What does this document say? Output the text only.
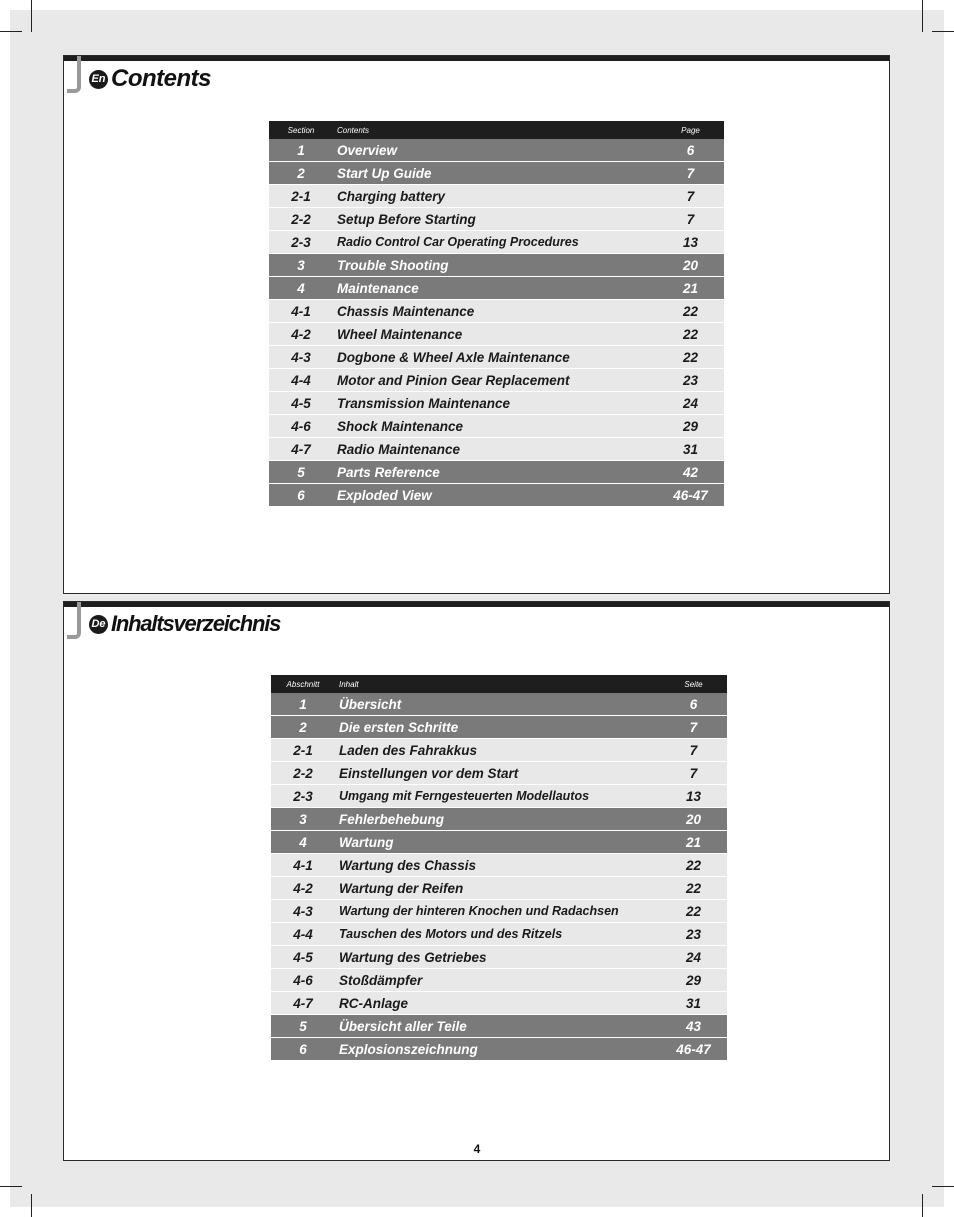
En Contents
Section	Contents	Page
1	Overview	6
2	Start Up Guide	7
2-1	Charging battery	7
2-2	Setup Before Starting	7
2-3	Radio Control Car Operating Procedures	13
3	Trouble Shooting	20
4	Maintenance	21
4-1	Chassis Maintenance	22
4-2	Wheel Maintenance	22
4-3	Dogbone & Wheel Axle Maintenance	22
4-4	Motor and Pinion Gear Replacement	23
4-5	Transmission Maintenance	24
4-6	Shock Maintenance	29
4-7	Radio Maintenance	31
5	Parts Reference	42
6	Exploded View	46-47
De Inhaltsverzeichnis
Abschnitt	Inhalt	Seite
1	Übersicht	6
2	Die ersten Schritte	7
2-1	Laden des Fahrakkus	7
2-2	Einstellungen vor dem Start	7
2-3	Umgang mit Ferngesteuerten Modellautos	13
3	Fehlerbehebung	20
4	Wartung	21
4-1	Wartung des Chassis	22
4-2	Wartung der Reifen	22
4-3	Wartung der hinteren Knochen und Radachsen	22
4-4	Tauschen des Motors und des Ritzels	23
4-5	Wartung des Getriebes	24
4-6	Stoßdämpfer	29
4-7	RC-Anlage	31
5	Übersicht aller Teile	43
6	Explosionszeichnung	46-47
4
